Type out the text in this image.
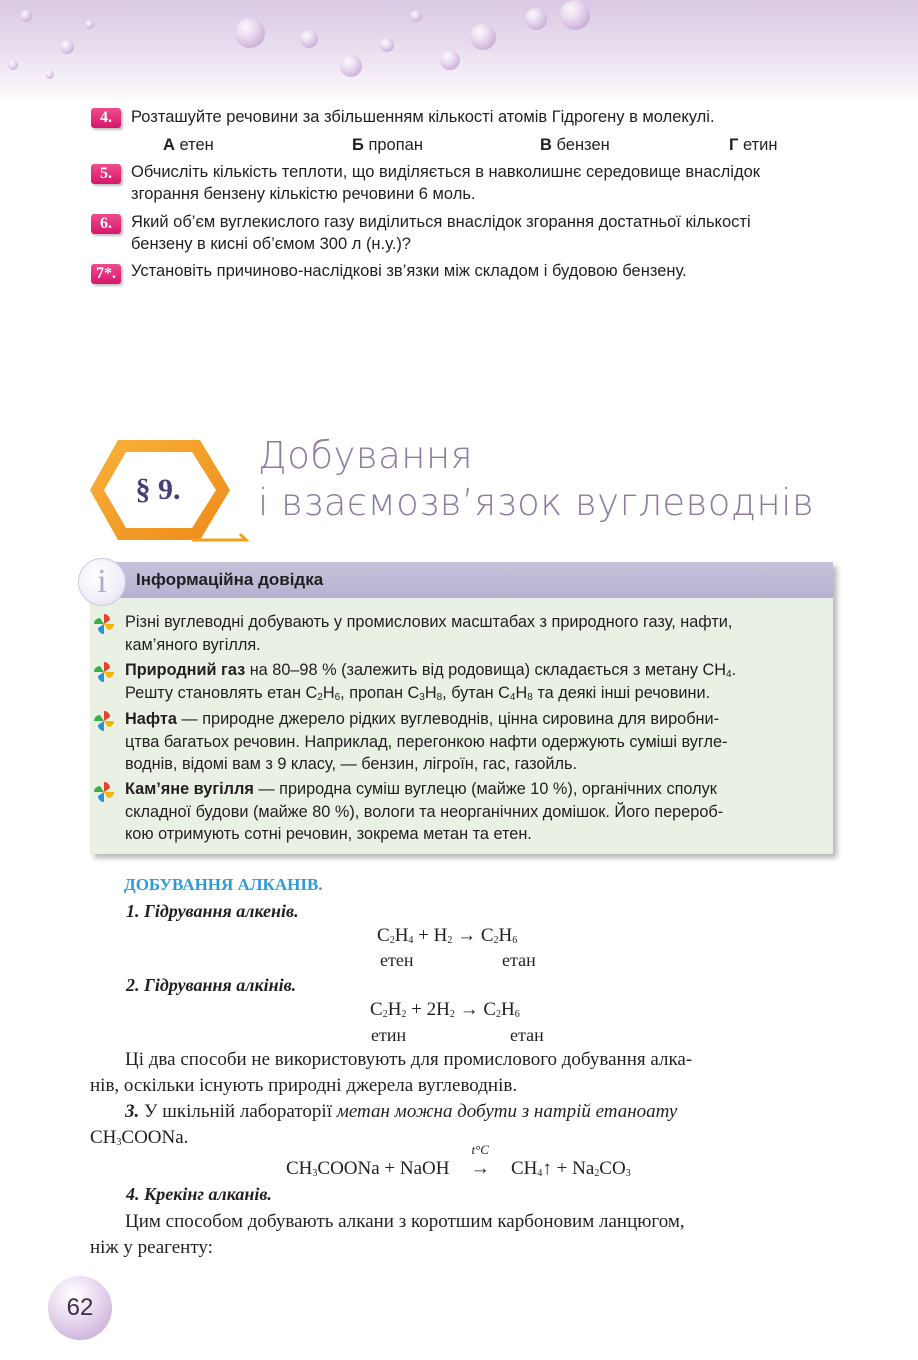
4.	Розташуйте речовини за збільшенням кількості атомів Гідрогену в молекулі.
А етен	Б пропан	В бензен	Г етин
5.	Обчисліть кількість теплоти, що виділяється в навколишнє середовище внаслідок
згорання бензену кількістю речовини 6 моль.
6.	Який об’єм вуглекислого газу виділиться внаслідок згорання достатньої кількості
бензену в кисні об’ємом 300 л (н.у.)?
7*. Установіть причиново-наслідкові зв’язки між складом і будовою бензену.
§ 9.
Добування
і взаємозв’язок вуглеводнів
i	Інформаційна довідка
Різні вуглеводні добувають у промислових масштабах з природного газу, нафти,
кам’яного вугілля.
Природний газ на 80–98 % (залежить від родовища) складається з метану $CH_4$.
Решту становлять етан $C_2H_6$, пропан $C_3H_8$, бутан $C_4H_8$ та деякі інші речовини.
Нафта — природне джерело рідких вуглеводнів, цінна сировина для виробни-
цтва багатьох речовин. Наприклад, перегонкою нафти одержують суміші вугле-
воднів, відомі вам з 9 класу, — бензин, лігроїн, гас, газойль.
Кам’яне вугілля — природна суміш вуглецю (майже 10 %), органічних сполук
складної будови (майже 80 %), вологи та неорганічних домішок. Його перероб-
кою отримують сотні речовин, зокрема метан та етен.
ДОБУВАННЯ АЛКАНІВ.
1. Гідрування алкенів.
$C_2H_4 + H_2 \to C_2H_6$
етен	етан
2. Гідрування алкінів.
$C_2H_2 + 2H_2 \to C_2H_6$
етин	етан
Ці два способи не використовують для промислового добування алка-
нів, оскільки існують природні джерела вуглеводнів.
3. У шкільній лабораторії метан можна добути з натрій етаноату
$CH_3COONa$.
$CH_3COONa$ + NaOH →
t°C
$CH_4↑ + Na_2CO_3$
4. Крекінг алканів.
Цим способом добувають алкани з коротшим карбоновим ланцюгом,
ніж у реагенту:
62
